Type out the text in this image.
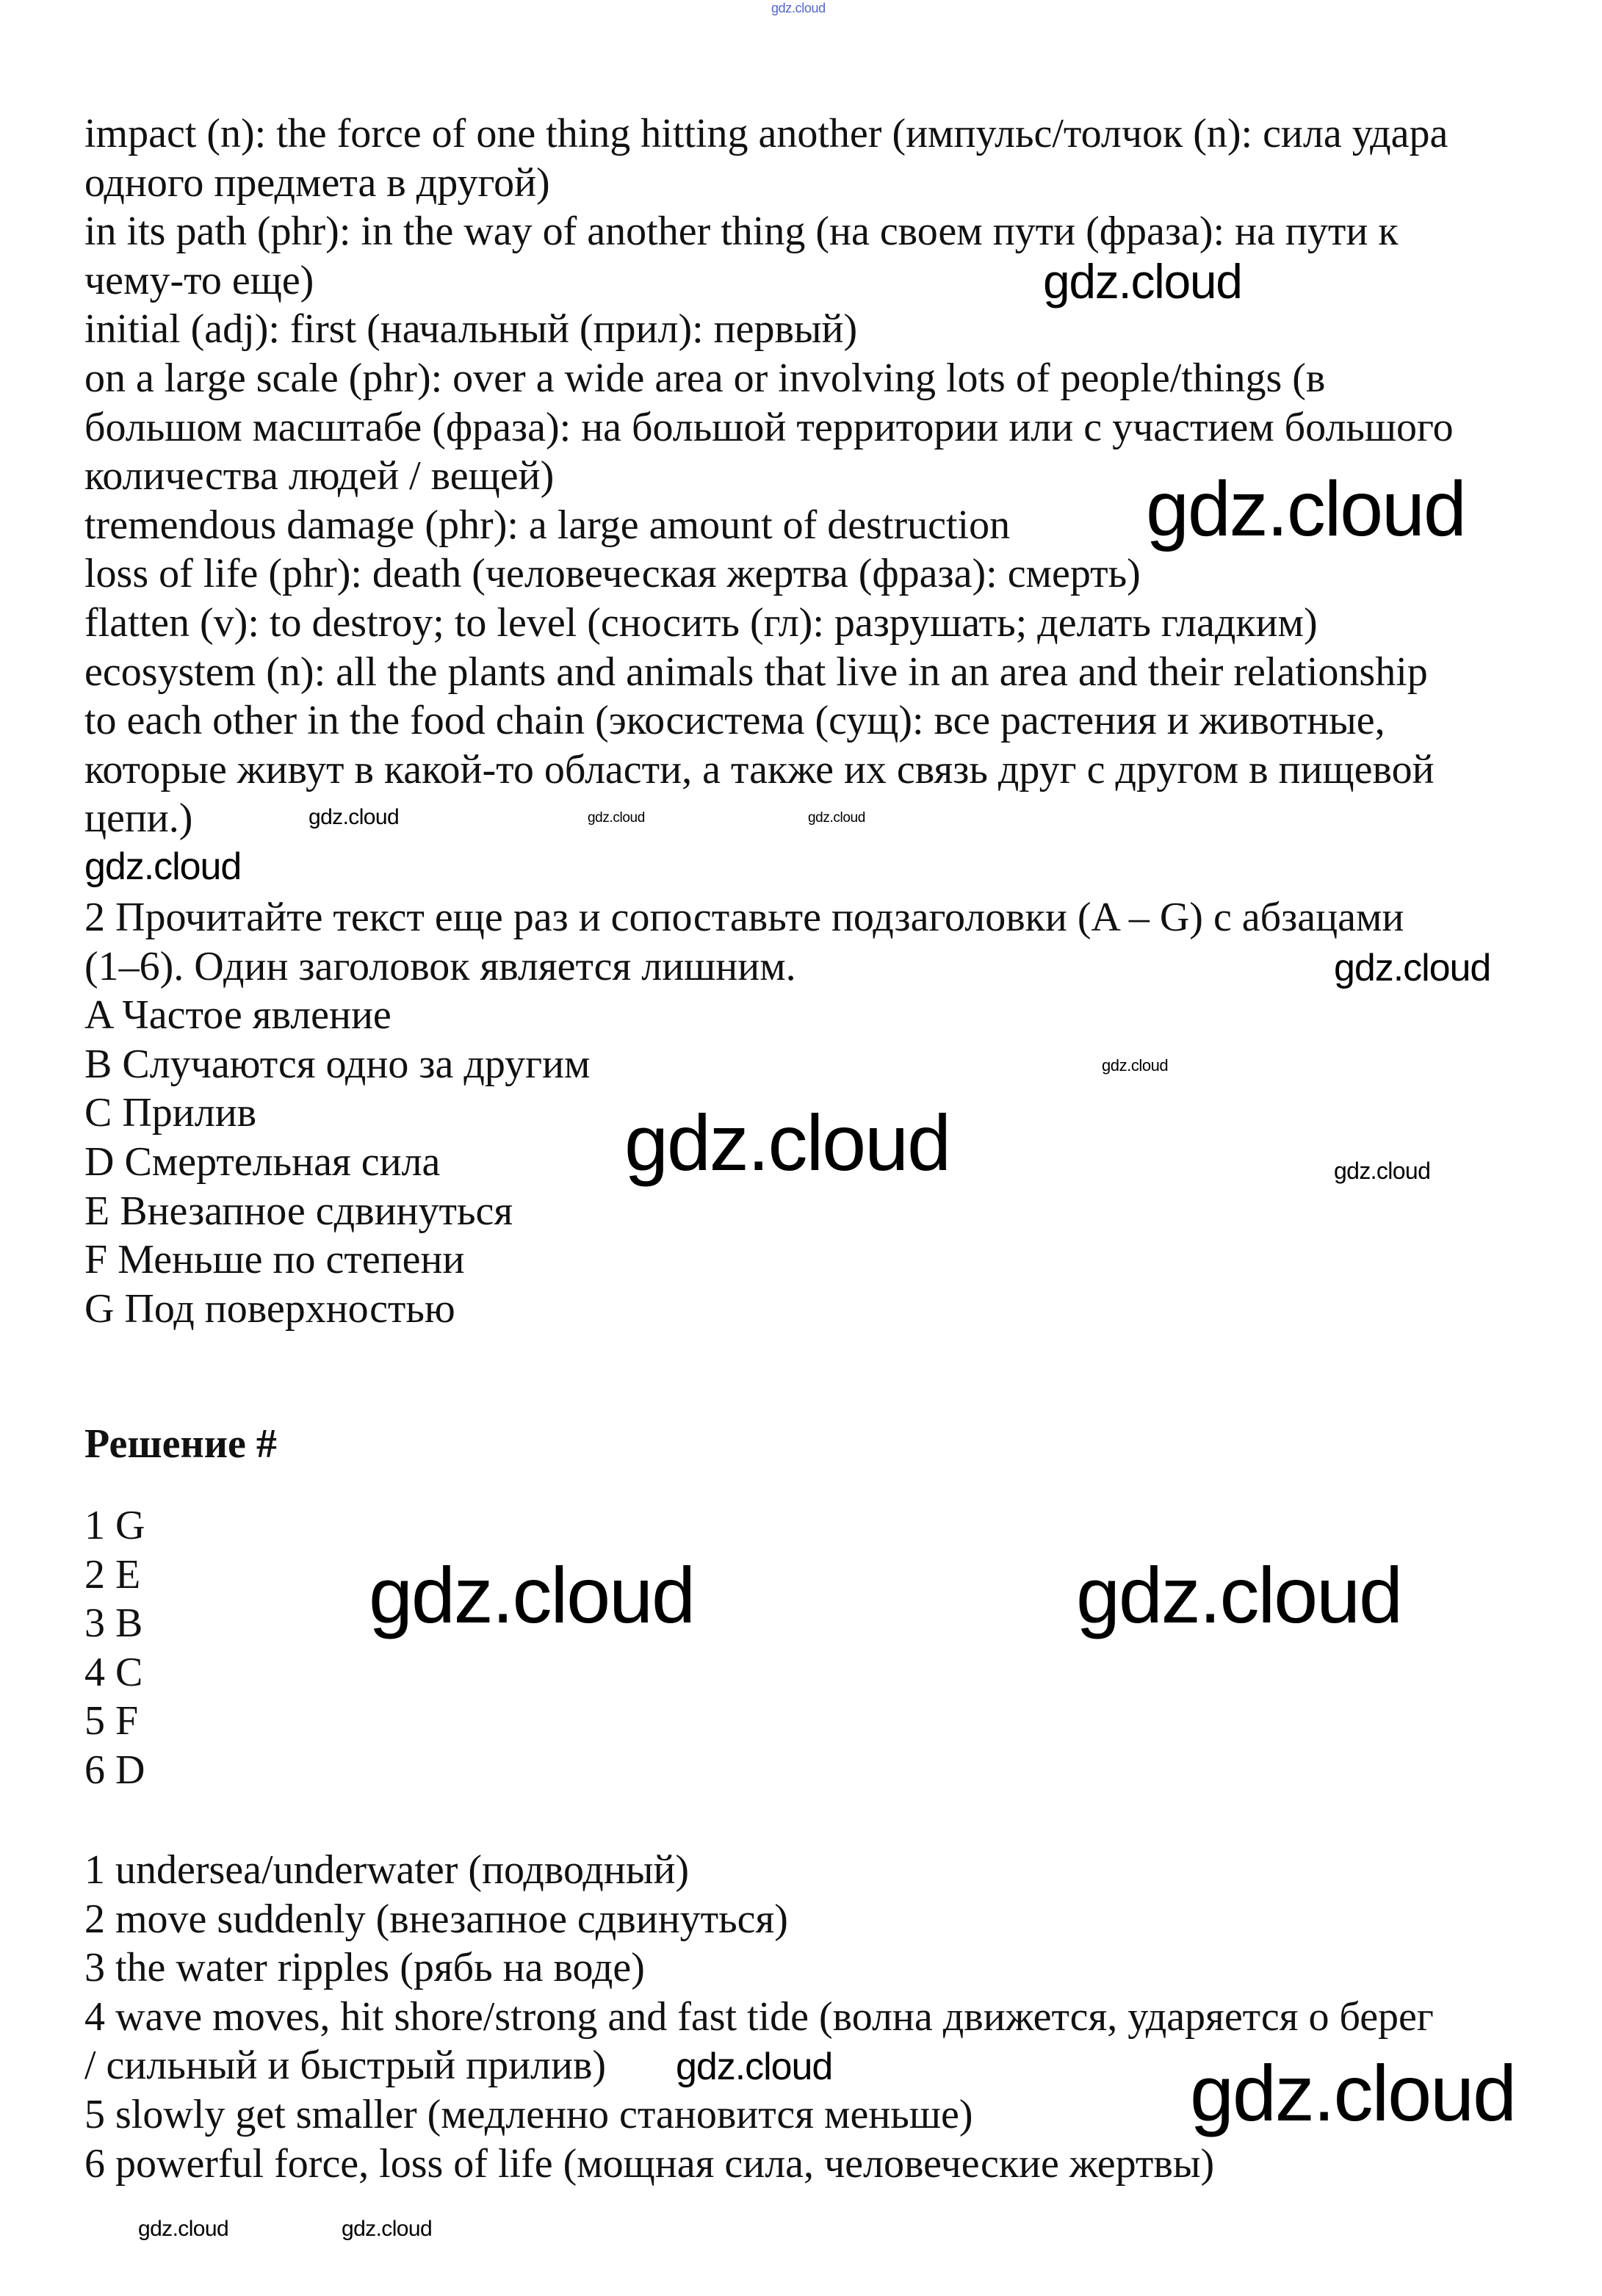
impact (n): the force of one thing hitting another (импульс/толчок (n): сила удара
одного предмета в другой)
in its path (phr): in the way of another thing (на своем пути (фраза): на пути к
чему-то еще)
initial (adj): first (начальный (прил): первый)
on a large scale (phr): over a wide area or involving lots of people/things (в
большом масштабе (фраза): на большой территории или с участием большого
количества людей / вещей)
tremendous damage (phr): a large amount of destruction
loss of life (phr): death (человеческая жертва (фраза): смерть)
flatten (v): to destroy; to level (сносить (гл): разрушать; делать гладким)
ecosystem (n): all the plants and animals that live in an area and their relationship
to each other in the food chain (экосистема (сущ): все растения и животные,
которые живут в какой-то области, а также их связь друг с другом в пищевой
цепи.)
2 Прочитайте текст еще раз и сопоставьте подзаголовки (A – G) с абзацами
(1–6). Один заголовок является лишним.
A Частое явление
B Случаются одно за другим
C Прилив
D Смертельная сила
E Внезапное сдвинуться
F Меньше по степени
G Под поверхностью
Решение #
1 G
2 E
3 B
4 C
5 F
6 D
1 undersea/underwater (подводный)
2 move suddenly (внезапное сдвинуться)
3 the water ripples (рябь на воде)
4 wave moves, hit shore/strong and fast tide (волна движется, ударяется о берег
/ сильный и быстрый прилив)
5 slowly get smaller (медленно становится меньше)
6 powerful force, loss of life (мощная сила, человеческие жертвы)
gdz.cloud
gdz.cloud
gdz.cloud
gdz.cloud	gdz.cloud	gdz.cloud
gdz.cloud
gdz.cloud
gdz.cloud
gdz.cloud
gdz.cloud
gdz.cloud	gdz.cloud
gdz.cloud	gdz.cloud
gdz.cloud	gdz.cloud
